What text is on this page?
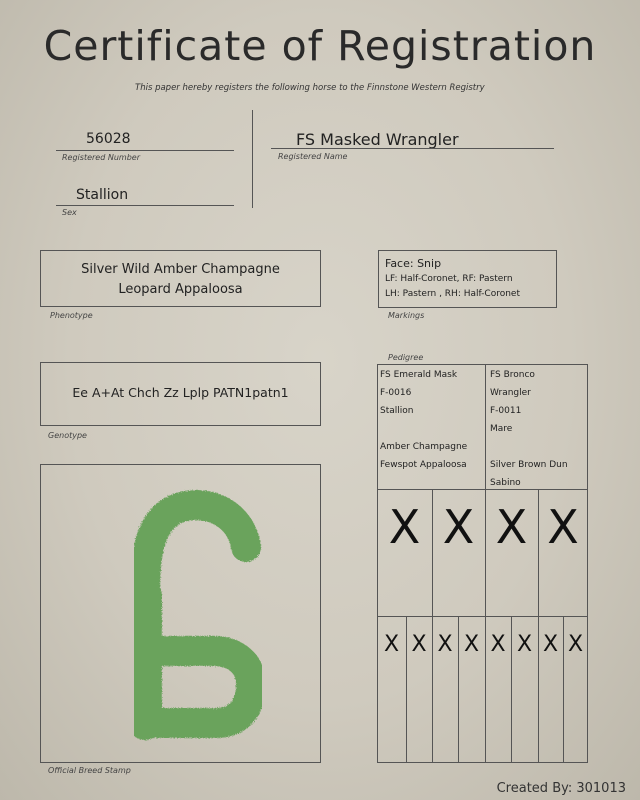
Certificate of Registration
This paper hereby registers the following horse to the Finnstone Western Registry
56028
Registered Number
FS Masked Wrangler
Registered Name
Stallion
Sex
Silver Wild Amber Champagne
Leopard Appaloosa
Phenotype
Face: Snip
LF: Half-Coronet, RF: Pastern
LH: Pastern , RH: Half-Coronet
Markings
Ee A+At Chch Zz Lplp PATN1patn1
Genotype
Official Breed Stamp
Pedigree
FS Emerald Mask
F-0016
Stallion
Amber Champagne
Fewspot Appaloosa
FS Bronco
Wrangler
F-0011
Mare
Silver Brown Dun
Sabino
X X X X
X X X X X X X X
Created By: 301013
